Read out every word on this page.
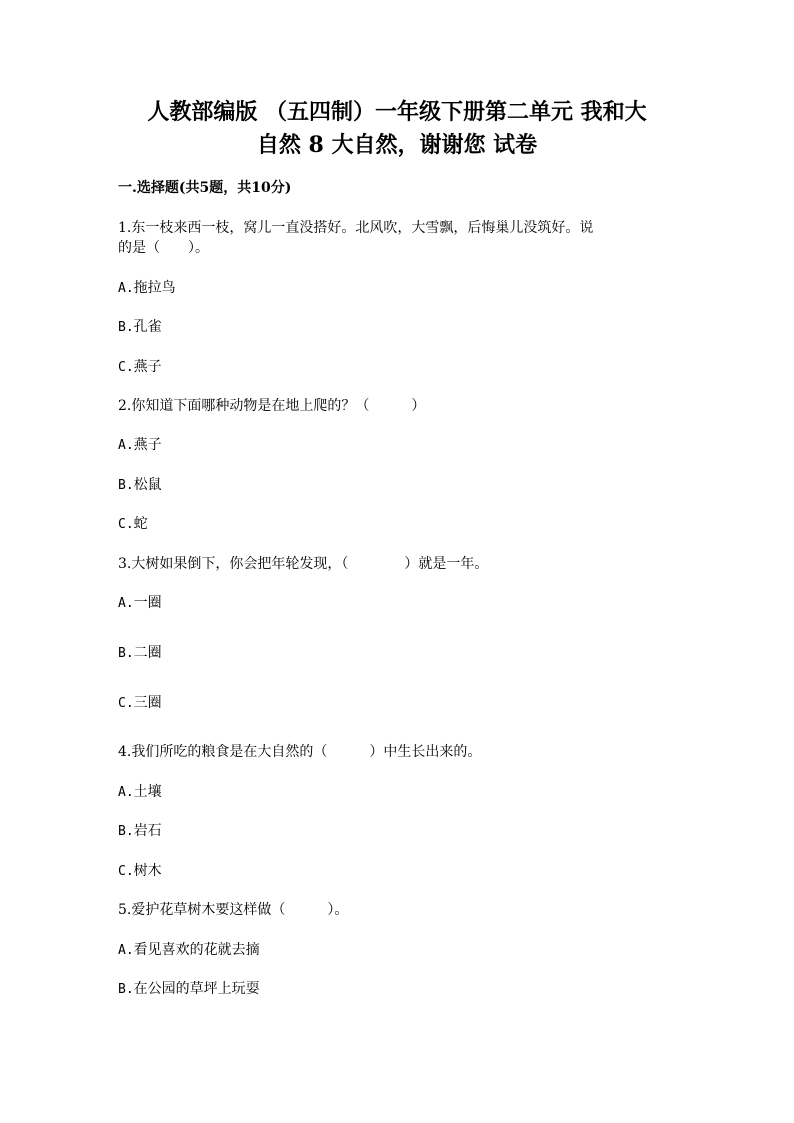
人教部编版 （五四制）一年级下册第二单元 我和大
自然 8 大自然，谢谢您 试卷
一.选择题(共5题，共10分)
1.东一枝来西一枝，窝儿一直没搭好。北风吹，大雪飘，后悔巢儿没筑好。说
的是（　　）。
A.拖拉鸟
B.孔雀
C.燕子
2.你知道下面哪种动物是在地上爬的？（　　　）
A.燕子
B.松鼠
C.蛇
3.大树如果倒下，你会把年轮发现，（　　　　）就是一年。
A.一圈
B.二圈
C.三圈
4.我们所吃的粮食是在大自然的（　　　）中生长出来的。
A.土壤
B.岩石
C.树木
5.爱护花草树木要这样做（　　　）。
A.看见喜欢的花就去摘
B.在公园的草坪上玩耍
